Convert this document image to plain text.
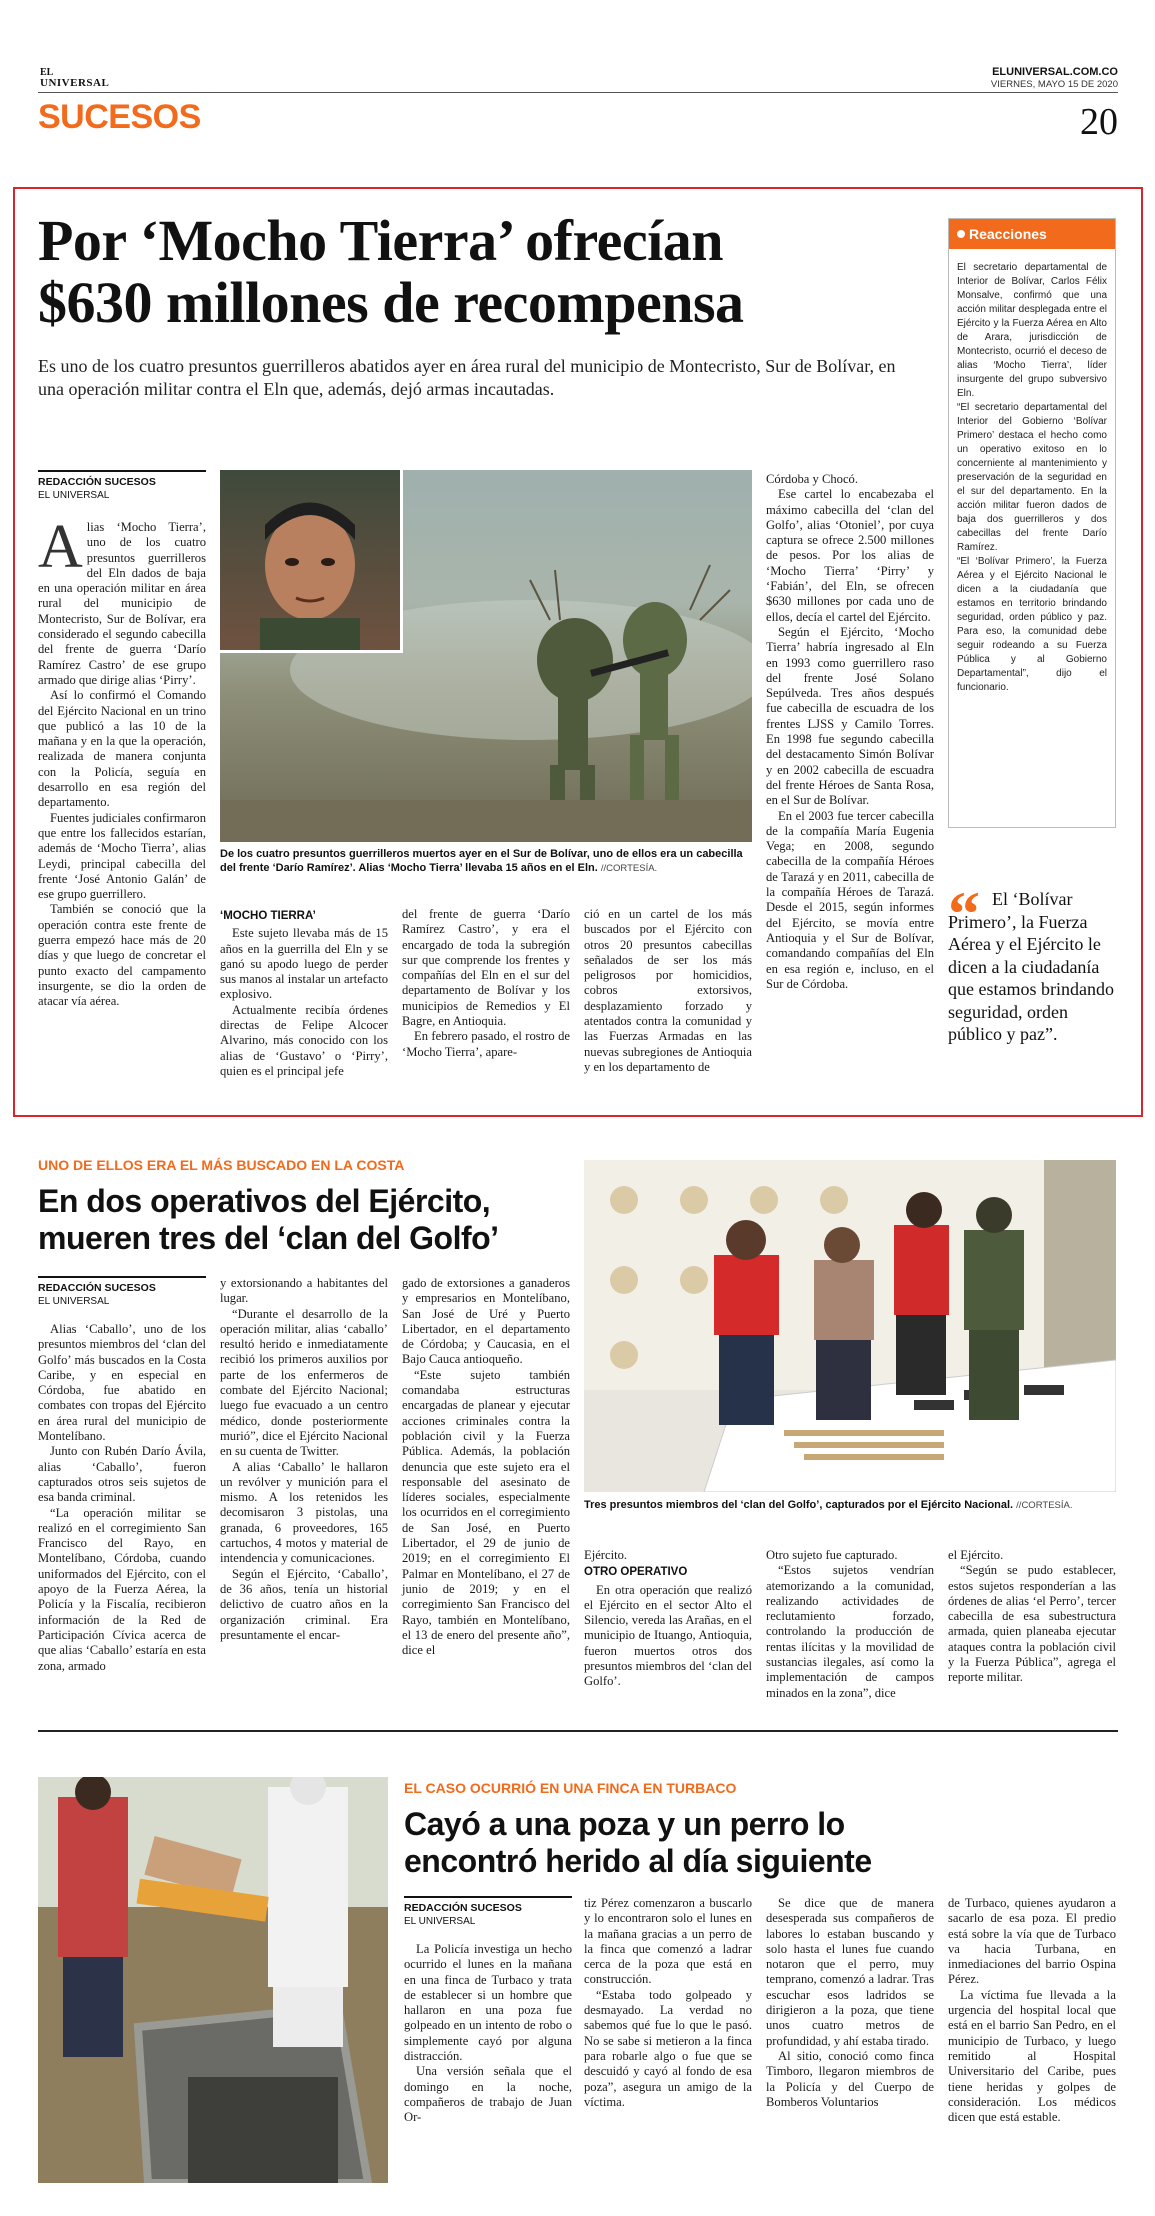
EL
UNIVERSAL
ELUNIVERSAL.COM.CO
VIERNES, MAYO 15 DE 2020
SUCESOS	20
Por ‘Mocho Tierra’ ofrecían
$630 millones de recompensa
Es uno de los cuatro presuntos guerrilleros abatidos ayer en área rural del municipio de Montecristo, Sur de Bolívar, en una operación militar contra el Eln que, además, dejó armas incautadas.
REDACCIÓN SUCESOS
EL UNIVERSAL

Alias ‘Mocho Tierra’, uno de los cuatro presuntos guerrilleros del Eln dados de baja en una operación militar en área rural del municipio de Montecristo, Sur de Bolívar, era considerado el segundo cabecilla del frente de guerra ‘Darío Ramírez Castro’ de ese grupo armado que dirige alias ‘Pirry’.

Así lo confirmó el Comando del Ejército Nacional en un trino que publicó a las 10 de la mañana y en la que la operación, realizada de manera conjunta con la Policía, seguía en desarrollo en esa región del departamento.

Fuentes judiciales confirmaron que entre los fallecidos estarían, además de ‘Mocho Tierra’, alias Leydi, principal cabecilla del frente ‘José Antonio Galán’ de ese grupo guerrillero.

También se conoció que la operación contra este frente de guerra empezó hace más de 20 días y que luego de concretar el punto exacto del campamento insurgente, se dio la orden de atacar vía aérea.

De los cuatro presuntos guerrilleros muertos ayer en el Sur de Bolívar, uno de ellos era un cabecilla del frente ‘Darío Ramírez’. Alias ‘Mocho Tierra’ llevaba 15 años en el Eln. //CORTESÍA.
‘MOCHO TIERRA’

Este sujeto llevaba más de 15 años en la guerrilla del Eln y se ganó su apodo luego de perder sus manos al instalar un artefacto explosivo.

Actualmente recibía órdenes directas de Felipe Alcocer Alvarino, más conocido con los alias de ‘Gustavo’ o ‘Pirry’, quien es el principal jefe

del frente de guerra ‘Darío Ramírez Castro’, y era el encargado de toda la subregión sur que comprende los frentes y compañías del Eln en el sur del departamento de Bolívar y los municipios de Remedios y El Bagre, en Antioquia.

En febrero pasado, el rostro de ‘Mocho Tierra’, apare-

ció en un cartel de los más buscados por el Ejército con otros 20 presuntos cabecillas señalados de ser los más peligrosos por homicidios, cobros extorsivos, desplazamiento forzado y atentados contra la comunidad y las Fuerzas Armadas en las nuevas subregiones de Antioquia y en los departamento de

Córdoba y Chocó.

Ese cartel lo encabezaba el máximo cabecilla del ‘clan del Golfo’, alias ‘Otoniel’, por cuya captura se ofrece 2.500 millones de pesos. Por los alias de ‘Mocho Tierra’ ‘Pirry’ y ‘Fabián’, del Eln, se ofrecen $630 millones por cada uno de ellos, decía el cartel del Ejército.

Según el Ejército, ‘Mocho Tierra’ habría ingresado al Eln en 1993 como guerrillero raso del frente José Solano Sepúlveda. Tres años después fue cabecilla de escuadra de los frentes LJSS y Camilo Torres. En 1998 fue segundo cabecilla del destacamento Simón Bolívar y en 2002 cabecilla de escuadra del frente Héroes de Santa Rosa, en el Sur de Bolívar.

En el 2003 fue tercer cabecilla de la compañía María Eugenia Vega; en 2008, segundo cabecilla de la compañía Héroes de Tarazá y en 2011, cabecilla de la compañía Héroes de Tarazá. Desde el 2015, según informes del Ejército, se movía entre Antioquia y el Sur de Bolívar, comandando compañías del Eln en esa región e, incluso, en el Sur de Córdoba.

Reacciones

El secretario departamental de Interior de Bolívar, Carlos Félix Monsalve, confirmó que una acción militar desplegada entre el Ejército y la Fuerza Aérea en Alto de Arara, jurisdicción de Montecristo, ocurrió el deceso de alias ‘Mocho Tierra’, líder insurgente del grupo subversivo Eln.

“El secretario departamental del Interior del Gobierno ‘Bolívar Primero’ destaca el hecho como un operativo exitoso en lo concerniente al mantenimiento y preservación de la seguridad en el sur del departamento. En la acción militar fueron dados de baja dos guerrilleros y dos cabecillas del frente Darío Ramírez.

“El ‘Bolívar Primero’, la Fuerza Aérea y el Ejército Nacional le dicen a la ciudadanía que estamos en territorio brindando seguridad, orden público y paz. Para eso, la comunidad debe seguir rodeando a su Fuerza Pública y al Gobierno Departamental”, dijo el funcionario.

“ El ‘Bolívar Primero’, la Fuerza Aérea y el Ejército le dicen a la ciudadanía que estamos brindando seguridad, orden público y paz”.
UNO DE ELLOS ERA EL MÁS BUSCADO EN LA COSTA
En dos operativos del Ejército,
mueren tres del ‘clan del Golfo’
REDACCIÓN SUCESOS
EL UNIVERSAL

Alias ‘Caballo’, uno de los presuntos miembros del ‘clan del Golfo’ más buscados en la Costa Caribe, y en especial en Córdoba, fue abatido en combates con tropas del Ejército en área rural del municipio de Montelíbano.

Junto con Rubén Darío Ávila, alias ‘Caballo’, fueron capturados otros seis sujetos de esa banda criminal.

“La operación militar se realizó en el corregimiento San Francisco del Rayo, en Montelíbano, Córdoba, cuando uniformados del Ejército, con el apoyo de la Fuerza Aérea, la Policía y la Fiscalía, recibieron información de la Red de Participación Cívica acerca de que alias ‘Caballo’ estaría en esta zona, armado

y extorsionando a habitantes del lugar.

“Durante el desarrollo de la operación militar, alias ‘caballo’ resultó herido e inmediatamente recibió los primeros auxilios por parte de los enfermeros de combate del Ejército Nacional; luego fue evacuado a un centro médico, donde posteriormente murió”, dice el Ejército Nacional en su cuenta de Twitter.

A alias ‘Caballo’ le hallaron un revólver y munición para el mismo. A los retenidos les decomisaron 3 pistolas, una granada, 6 proveedores, 165 cartuchos, 4 motos y material de intendencia y comunicaciones.

Según el Ejército, ‘Caballo’, de 36 años, tenía un historial delictivo de cuatro años en la organización criminal. Era presuntamente el encar-

gado de extorsiones a ganaderos y empresarios en Montelíbano, San José de Uré y Puerto Libertador, en el departamento de Córdoba; y Caucasia, en el Bajo Cauca antioqueño.

“Este sujeto también comandaba estructuras encargadas de planear y ejecutar acciones criminales contra la población civil y la Fuerza Pública. Además, la población denuncia que este sujeto era el responsable del asesinato de líderes sociales, especialmente los ocurridos en el corregimiento de San José, en Puerto Libertador, el 29 de junio de 2019; en el corregimiento El Palmar en Montelíbano, el 27 de junio de 2019; y en el corregimiento San Francisco del Rayo, también en Montelíbano, el 13 de enero del presente año”, dice el

Tres presuntos miembros del ‘clan del Golfo’, capturados por el Ejército Nacional. //CORTESÍA.

Ejército.

OTRO OPERATIVO

En otra operación que realizó el Ejército en el sector Alto el Silencio, vereda las Arañas, en el municipio de Ituango, Antioquia, fueron muertos otros dos presuntos miembros del ‘clan del Golfo’.

Otro sujeto fue capturado.

“Estos sujetos vendrían atemorizando a la comunidad, realizando actividades de reclutamiento forzado, controlando la producción de rentas ilícitas y la movilidad de sustancias ilegales, así como la implementación de campos minados en la zona”, dice

el Ejército.

“Según se pudo establecer, estos sujetos responderían a las órdenes de alias ‘el Perro’, tercer cabecilla de esa subestructura armada, quien planeaba ejecutar ataques contra la población civil y la Fuerza Pública”, agrega el reporte militar.

EL CASO OCURRIÓ EN UNA FINCA EN TURBACO
Cayó a una poza y un perro lo
encontró herido al día siguiente
REDACCIÓN SUCESOS
EL UNIVERSAL

La Policía investiga un hecho ocurrido el lunes en la mañana en una finca de Turbaco y trata de establecer si un hombre que hallaron en una poza fue golpeado en un intento de robo o simplemente cayó por alguna distracción.

Una versión señala que el domingo en la noche, compañeros de trabajo de Juan Or-

tiz Pérez comenzaron a buscarlo y lo encontraron solo el lunes en la mañana gracias a un perro de la finca que comenzó a ladrar cerca de la poza que está en construcción.

“Estaba todo golpeado y desmayado. La verdad no sabemos qué fue lo que le pasó. No se sabe si metieron a la finca para robarle algo o fue que se descuidó y cayó al fondo de esa poza”, asegura un amigo de la víctima.

Se dice que de manera desesperada sus compañeros de labores lo estaban buscando y solo hasta el lunes fue cuando notaron que el perro, muy temprano, comenzó a ladrar. Tras escuchar esos ladridos se dirigieron a la poza, que tiene unos cuatro metros de profundidad, y ahí estaba tirado.

Al sitio, conoció como finca Timboro, llegaron miembros de la Policía y del Cuerpo de Bomberos Voluntarios

de Turbaco, quienes ayudaron a sacarlo de esa poza. El predio está sobre la vía que de Turbaco va hacia Turbana, en inmediaciones del barrio Ospina Pérez.

La víctima fue llevada a la urgencia del hospital local que está en el barrio San Pedro, en el municipio de Turbaco, y luego remitido al Hospital Universitario del Caribe, pues tiene heridas y golpes de consideración. Los médicos dicen que está estable.
